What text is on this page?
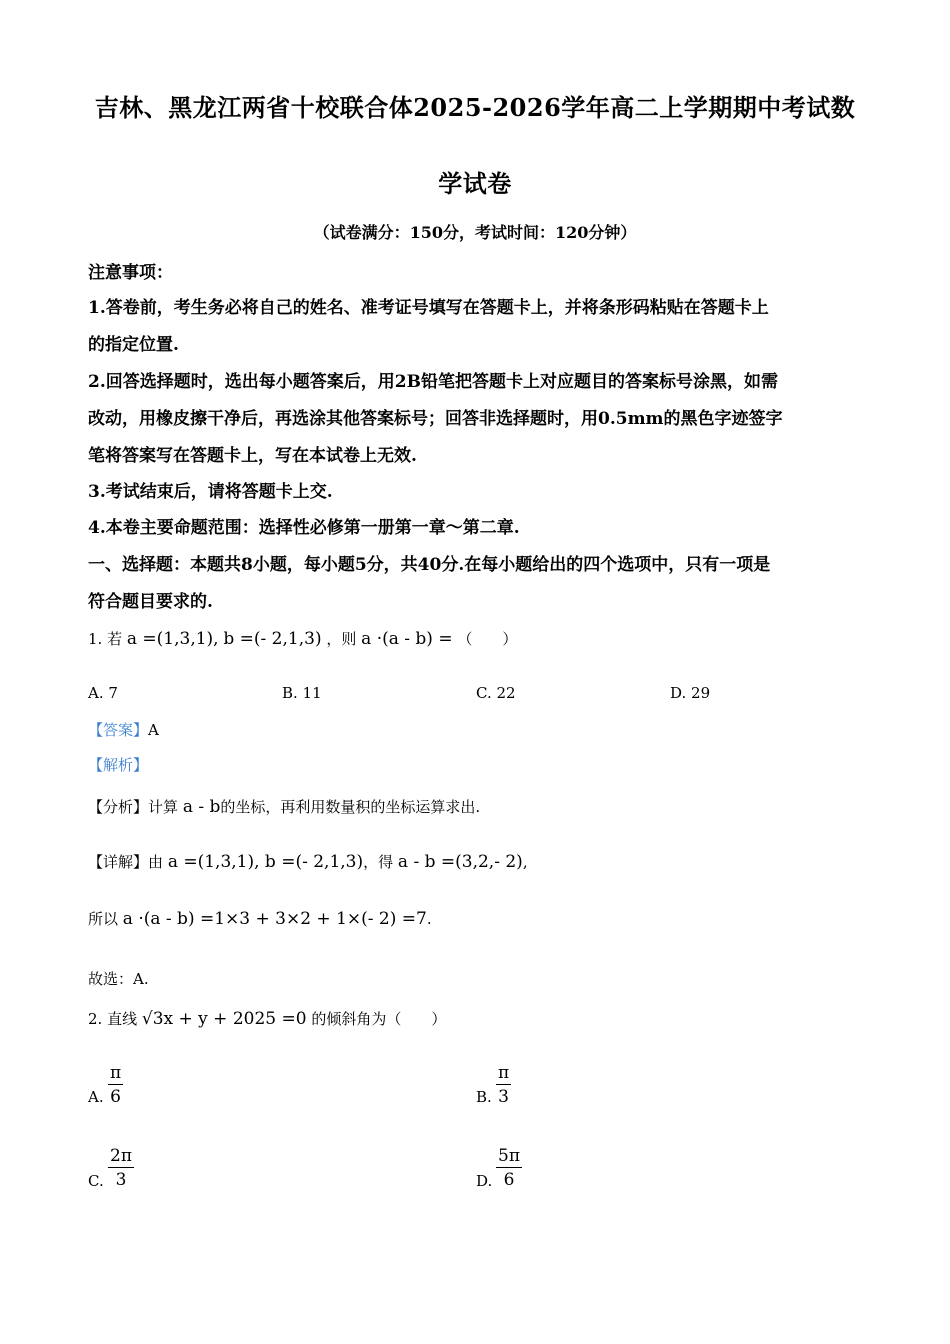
吉林、黑龙江两省十校联合体2025-2026学年高二上学期期中考试数
学试卷
（试卷满分：150分，考试时间：120分钟）
注意事项：
1.答卷前，考生务必将自己的姓名、准考证号填写在答题卡上，并将条形码粘贴在答题卡上
的指定位置.
2.回答选择题时，选出每小题答案后，用2B铅笔把答题卡上对应题目的答案标号涂黑，如需
改动，用橡皮擦干净后，再选涂其他答案标号；回答非选择题时，用0.5mm的黑色字迹签字
笔将答案写在答题卡上，写在本试卷上无效.
3.考试结束后，请将答题卡上交.
4.本卷主要命题范围：选择性必修第一册第一章～第二章.
一、选择题：本题共8小题，每小题5分，共40分.在每小题给出的四个选项中，只有一项是
符合题目要求的.
1. 若 a =(1,3,1), b =(- 2,1,3) ，则 a ·(a - b) = （　　）
A. 7	B. 11	C. 22	D. 29
【答案】A
【解析】
【分析】计算 a - b的坐标，再利用数量积的坐标运算求出.
【详解】由 a =(1,3,1), b =(- 2,1,3)，得 a - b =(3,2,- 2),
所以 a ·(a - b) =1×3 + 3×2 + 1×(- 2) =7.
故选：A.
2. 直线 √3x + y + 2025 =0 的倾斜角为（　　）
A. $\frac{\pi}{6}$	B. $\frac{\pi}{3}$
C. $\frac{2\pi}{3}$	D. $\frac{5\pi}{6}$
